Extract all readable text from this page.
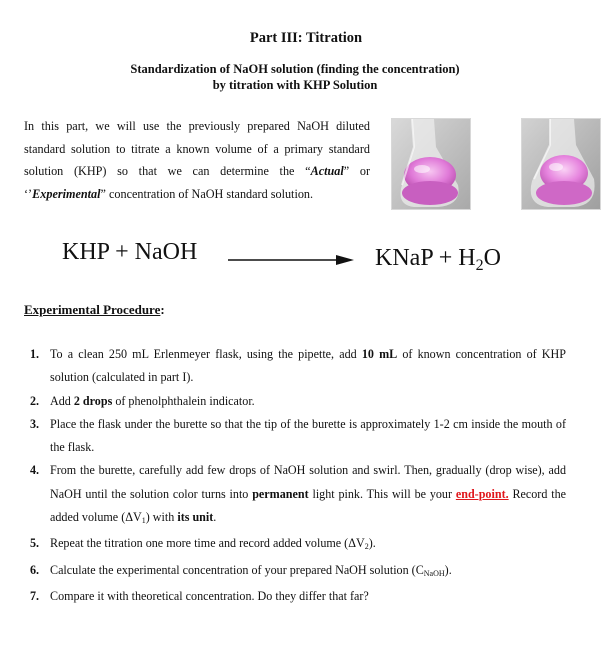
Part III: Titration
Standardization of NaOH solution (finding the concentration)
by titration with KHP Solution
In this part, we will use the previously prepared NaOH diluted standard solution to titrate a known volume of a primary standard solution (KHP) so that we can determine the “Actual” or ‘’Experimental” concentration of NaOH standard solution.
KHP + NaOH	KNaP + $H_2O$
Experimental Procedure:
1. To a clean 250 mL Erlenmeyer flask, using the pipette, add 10 mL of known concentration of KHP solution (calculated in part I).
2. Add 2 drops of phenolphthalein indicator.
3. Place the flask under the burette so that the tip of the burette is approximately 1-2 cm inside the mouth of the flask.
4. From the burette, carefully add few drops of NaOH solution and swirl. Then, gradually (drop wise), add NaOH until the solution color turns into permanent light pink. This will be your end-point. Record the added volume $(\Delta V_1)$ with its unit.
5. Repeat the titration one more time and record added volume $(\Delta V_2)$.
6. Calculate the experimental concentration of your prepared NaOH solution $(C_{NaOH})$.
7. Compare it with theoretical concentration. Do they differ that far?
